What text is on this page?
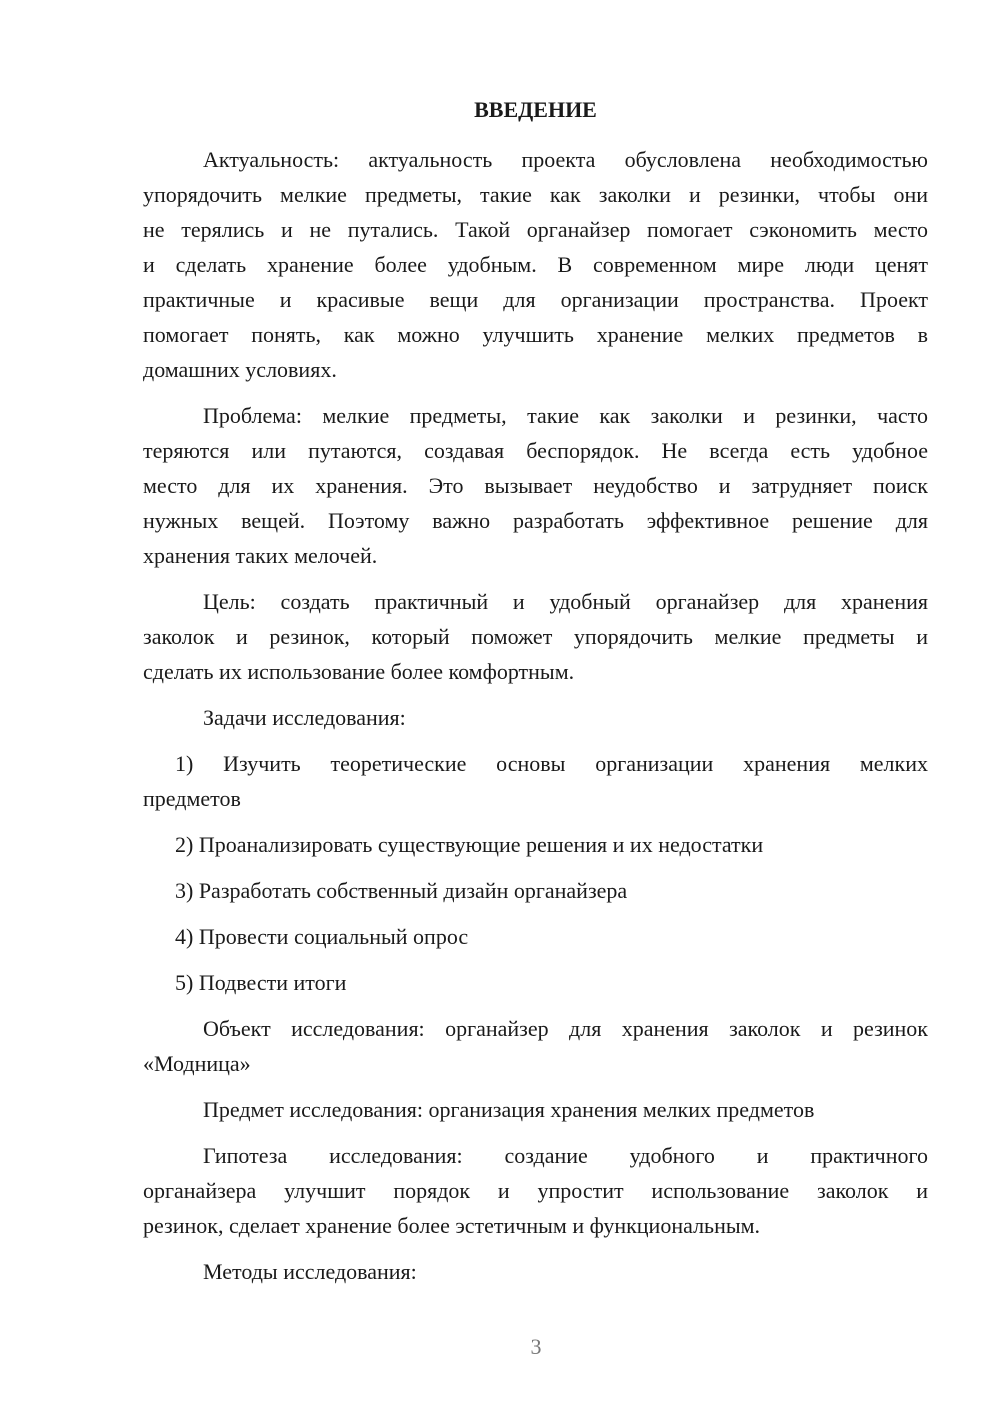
ВВЕДЕНИЕ
Актуальность: актуальность проекта обусловлена необходимостью
упорядочить мелкие предметы, такие как заколки и резинки, чтобы они
не терялись и не путались. Такой органайзер помогает сэкономить место
и сделать хранение более удобным. В современном мире люди ценят
практичные и красивые вещи для организации пространства. Проект
помогает понять, как можно улучшить хранение мелких предметов в
домашних условиях.
Проблема: мелкие предметы, такие как заколки и резинки, часто
теряются или путаются, создавая беспорядок. Не всегда есть удобное
место для их хранения. Это вызывает неудобство и затрудняет поиск
нужных вещей. Поэтому важно разработать эффективное решение для
хранения таких мелочей.
Цель: создать практичный и удобный органайзер для хранения
заколок и резинок, который поможет упорядочить мелкие предметы и
сделать их использование более комфортным.
Задачи исследования:
1) Изучить теоретические основы организации хранения мелких
предметов
2) Проанализировать существующие решения и их недостатки
3) Разработать собственный дизайн органайзера
4) Провести социальный опрос
5) Подвести итоги
Объект исследования: органайзер для хранения заколок и резинок
«Модница»
Предмет исследования: организация хранения мелких предметов
Гипотеза исследования: создание удобного и практичного
органайзера улучшит порядок и упростит использование заколок и
резинок, сделает хранение более эстетичным и функциональным.
Методы исследования:
3
